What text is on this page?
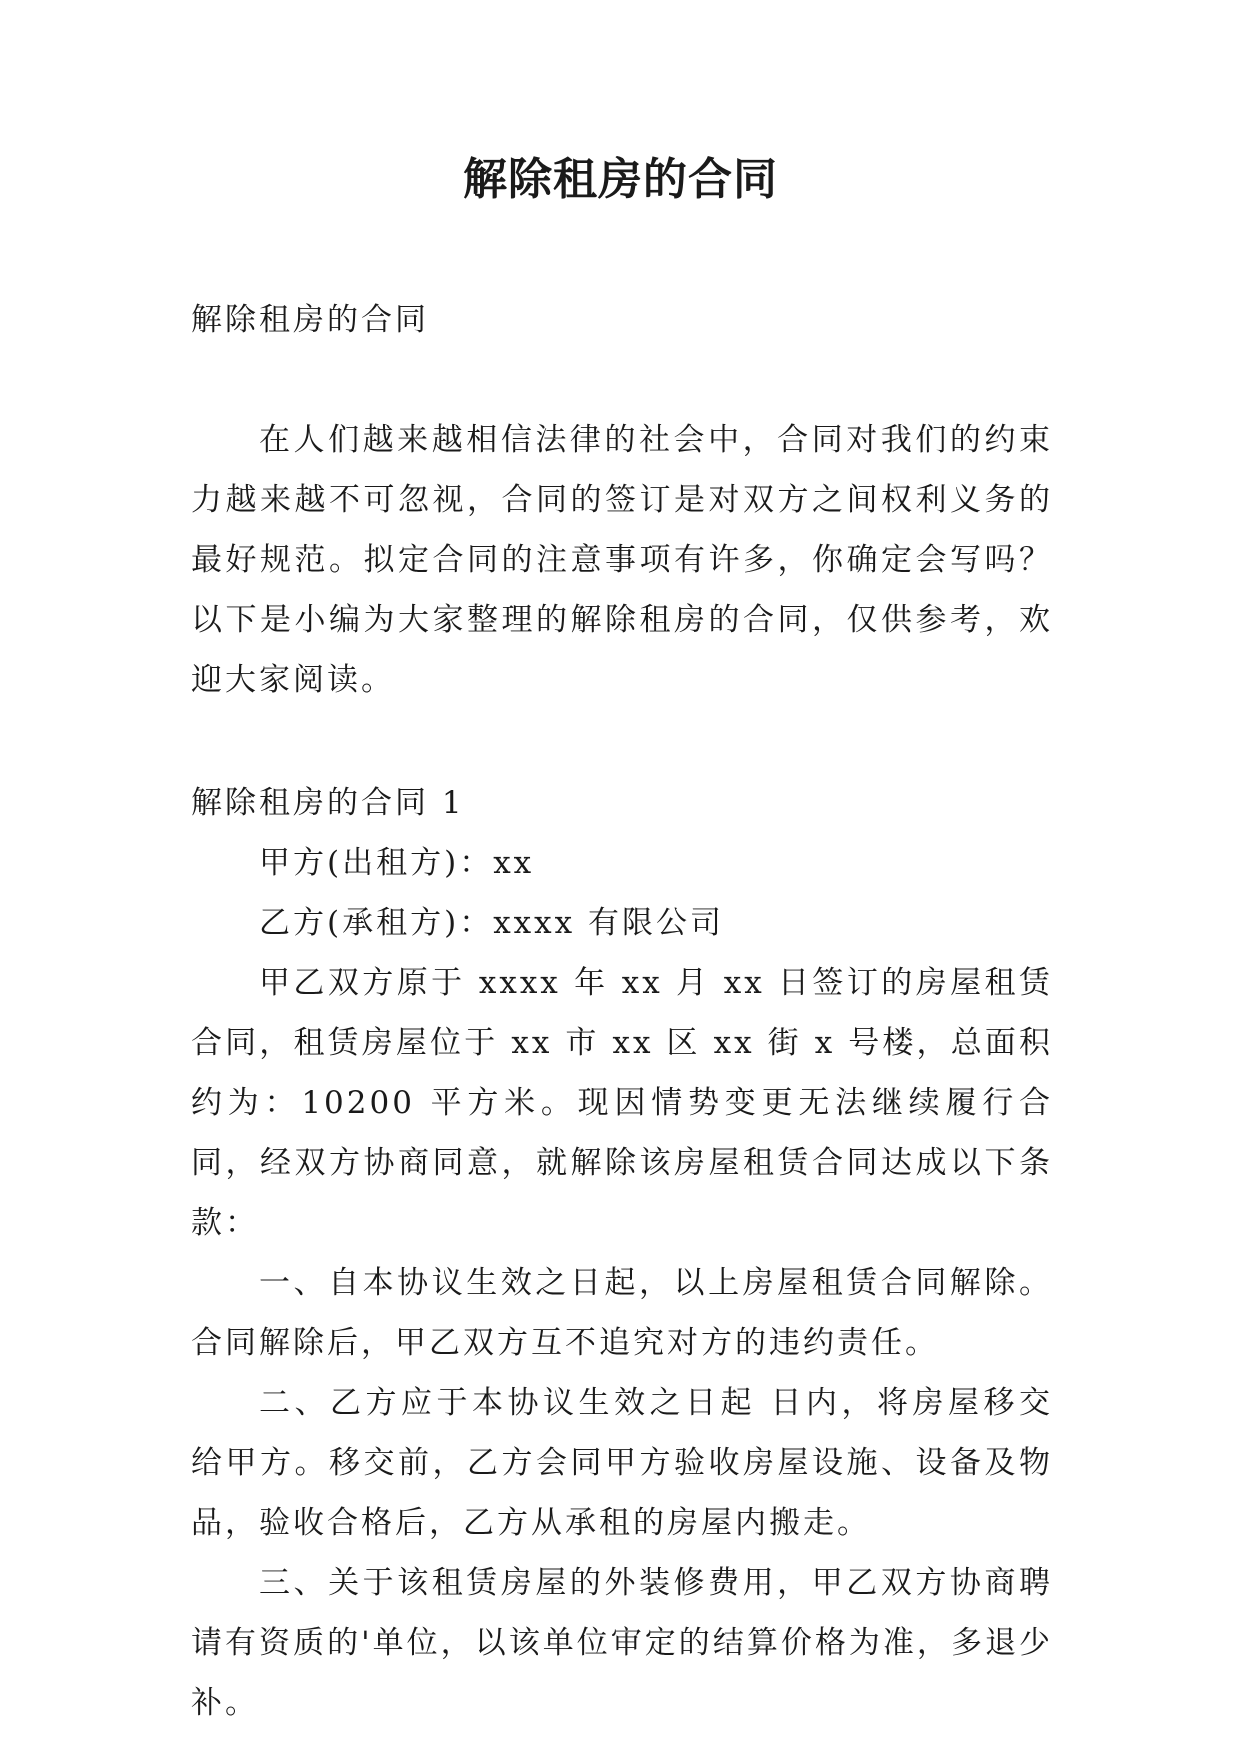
解除租房的合同

解除租房的合同

在人们越来越相信法律的社会中，合同对我们的约束力越来越不可忽视，合同的签订是对双方之间权利义务的最好规范。拟定合同的注意事项有许多，你确定会写吗？以下是小编为大家整理的解除租房的合同，仅供参考，欢迎大家阅读。

解除租房的合同 1

甲方(出租方)：xx

乙方(承租方)：xxxx 有限公司

甲乙双方原于 xxxx 年 xx 月 xx 日签订的房屋租赁合同，租赁房屋位于 xx 市 xx 区 xx 街 x 号楼，总面积约为：10200 平方米。现因情势变更无法继续履行合同，经双方协商同意，就解除该房屋租赁合同达成以下条款：

一、自本协议生效之日起，以上房屋租赁合同解除。合同解除后，甲乙双方互不追究对方的违约责任。

二、乙方应于本协议生效之日起 日内，将房屋移交给甲方。移交前，乙方会同甲方验收房屋设施、设备及物品，验收合格后，乙方从承租的房屋内搬走。

三、关于该租赁房屋的外装修费用，甲乙双方协商聘请有资质的'单位，以该单位审定的结算价格为准，多退少补。
